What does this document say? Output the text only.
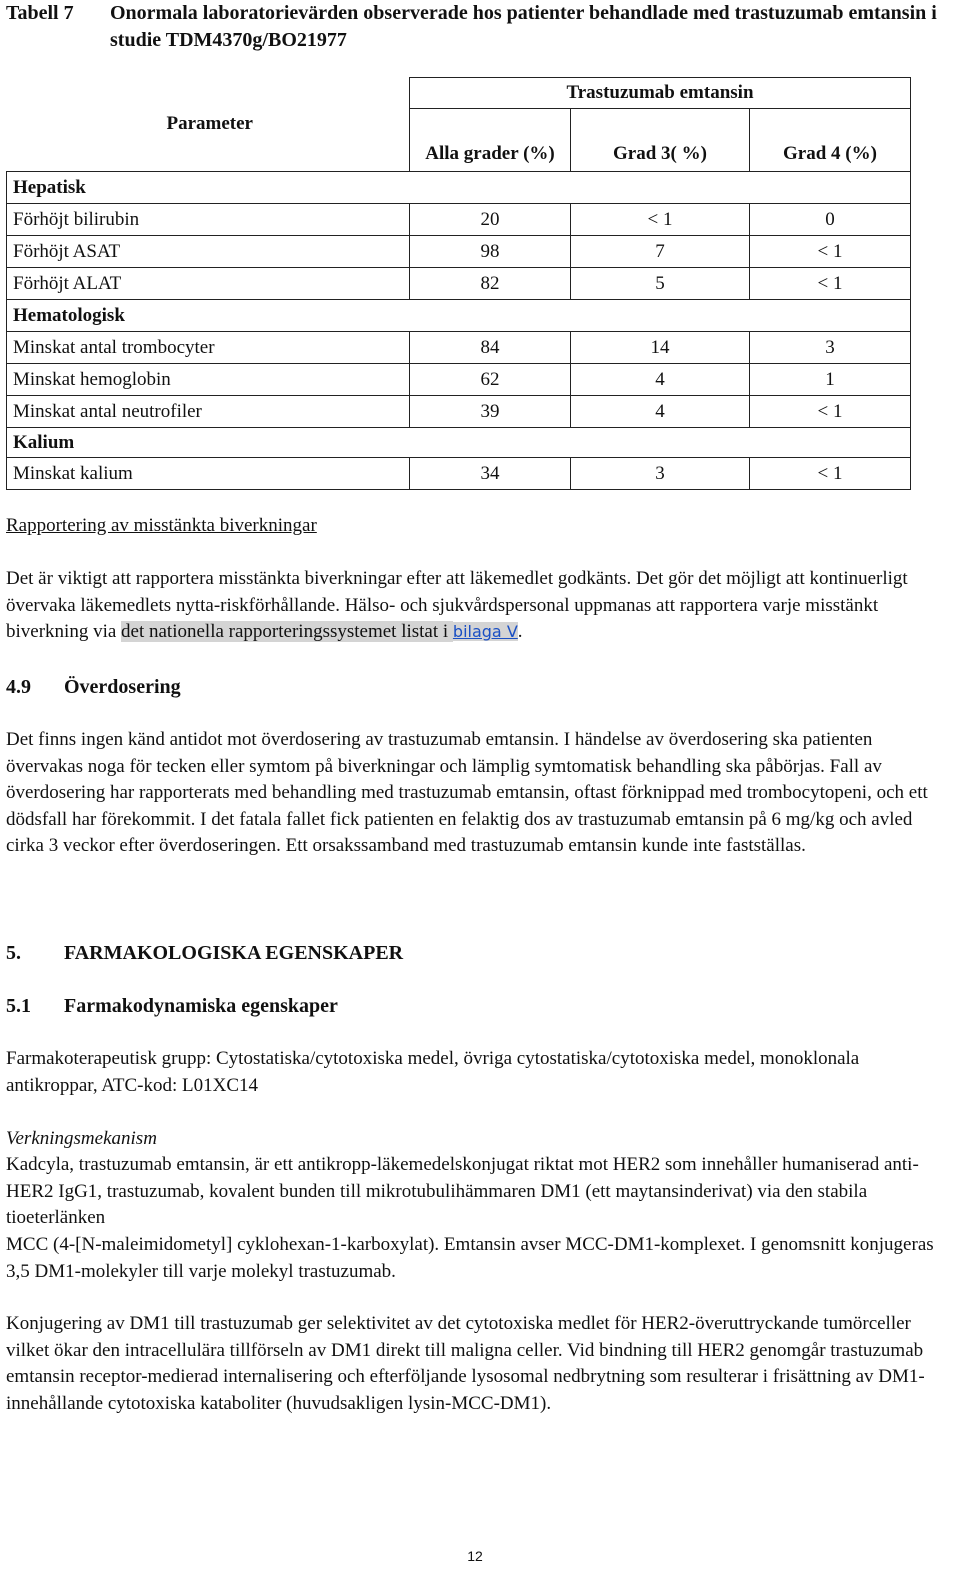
Tabell 7 Onormala laboratorievärden observerade hos patienter behandlade med trastuzumab emtansin i studie TDM4370g/BO21977
Parameter	Trastuzumab emtansin		
	Alla grader (%)	Grad 3( %)	Grad 4 (%)
Hepatisk			
Förhöjt bilirubin	20	< 1	0
Förhöjt ASAT	98	7	< 1
Förhöjt ALAT	82	5	< 1
Hematologisk			
Minskat antal trombocyter	84	14	3
Minskat hemoglobin	62	4	1
Minskat antal neutrofiler	39	4	< 1
Kalium			
Minskat kalium	34	3	< 1
Rapportering av misstänkta biverkningar
Det är viktigt att rapportera misstänkta biverkningar efter att läkemedlet godkänts. Det gör det möjligt att kontinuerligt övervaka läkemedlets nytta-riskförhållande. Hälso- och sjukvårdspersonal uppmanas att rapportera varje misstänkt biverkning via det nationella rapporteringssystemet listat i bilaga V.
4.9 Överdosering
Det finns ingen känd antidot mot överdosering av trastuzumab emtansin. I händelse av överdosering ska patienten övervakas noga för tecken eller symtom på biverkningar och lämplig symtomatisk behandling ska påbörjas. Fall av överdosering har rapporterats med behandling med trastuzumab emtansin, oftast förknippad med trombocytopeni, och ett dödsfall har förekommit. I det fatala fallet fick patienten en felaktig dos av trastuzumab emtansin på 6 mg/kg och avled cirka 3 veckor efter överdoseringen. Ett orsakssamband med trastuzumab emtansin kunde inte fastställas.
5. FARMAKOLOGISKA EGENSKAPER
5.1 Farmakodynamiska egenskaper
Farmakoterapeutisk grupp: Cytostatiska/cytotoxiska medel, övriga cytostatiska/cytotoxiska medel, monoklonala antikroppar, ATC-kod: L01XC14
Verkningsmekanism
Kadcyla, trastuzumab emtansin, är ett antikropp-läkemedelskonjugat riktat mot HER2 som innehåller humaniserad anti-HER2 IgG1, trastuzumab, kovalent bunden till mikrotubulihämmaren DM1 (ett maytansinderivat) via den stabila tioeterlänken
MCC (4-[N-maleimidometyl] cyklohexan-1-karboxylat). Emtansin avser MCC-DM1-komplexet. I genomsnitt konjugeras 3,5 DM1-molekyler till varje molekyl trastuzumab.
Konjugering av DM1 till trastuzumab ger selektivitet av det cytotoxiska medlet för HER2-överuttryckande tumörceller vilket ökar den intracellulära tillförseln av DM1 direkt till maligna celler. Vid bindning till HER2 genomgår trastuzumab emtansin receptor-medierad internalisering och efterföljande lysosomal nedbrytning som resulterar i frisättning av DM1-innehållande cytotoxiska kataboliter (huvudsakligen lysin-MCC-DM1).
12
